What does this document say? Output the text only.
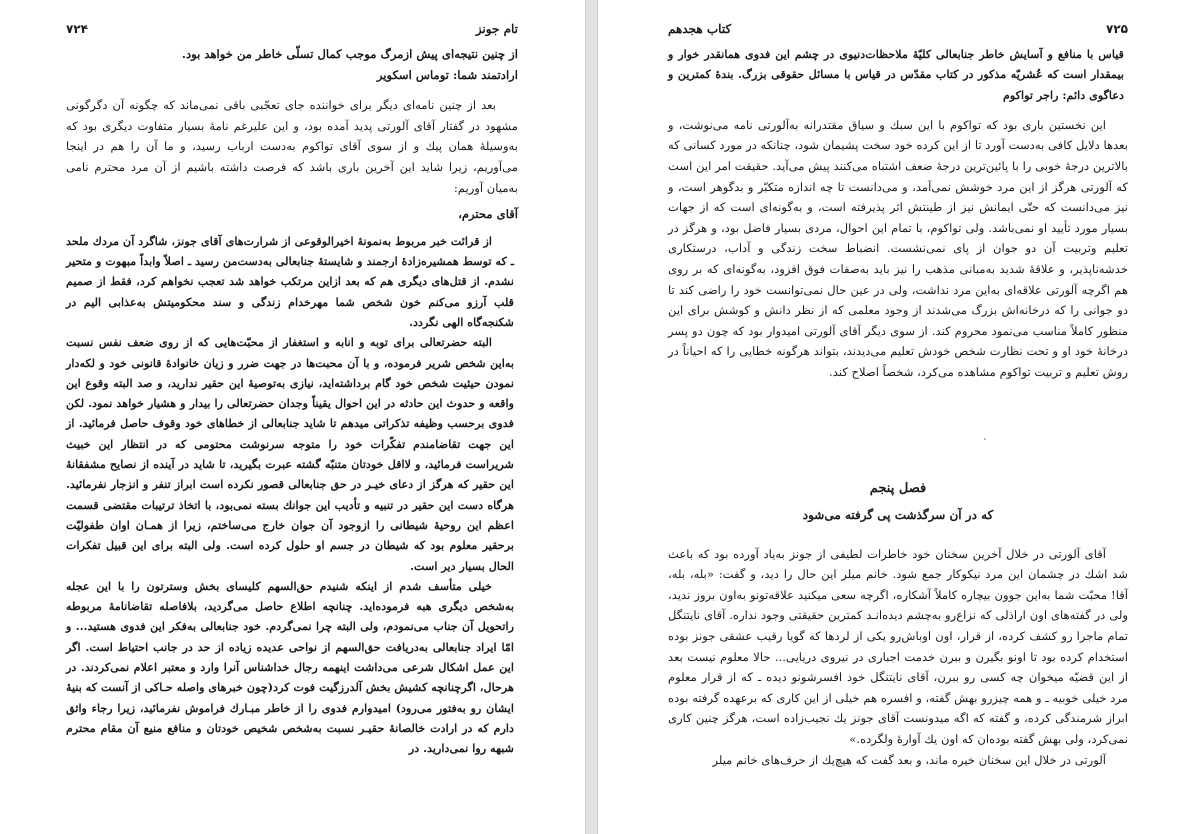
۷۲۴	تام جونز

از چنین نتیجه‌ای پیش ازمرگ موجب کمال تسلّی خاطر من خواهد بود.

ارادتمند شما: توماس اسکویر

بعد از چنین نامه‌ای دیگر برای خواننده جای تعجّبی باقی نمی‌ماند که چگونه آن دگرگونی مشهود در گفتار آقای آلورتی پدید آمده بود، و این علیرغم نامهٔ بسیار متفاوت دیگری بود که به‌وسیلهٔ همان پیك و از سوی آقای تواکوم به‌دست ارباب رسید، و ما آن را هم در اینجا می‌آوریم، زیرا شاید این آخرین باری باشد که فرصت داشته باشیم از آن مرد محترم نامی به‌میان آوریم:

آقای محترم،

از قرائت خبر مربوط به‌نمونهٔ اخیرالوقوعی از شرارت‌های آقای جونز، شاگرد آن مردك ملحد ـ که توسط همشیره‌زادهٔ ارجمند و شایستهٔ جنابعالی به‌دست‌من رسید ـ اصلاً وابداً مبهوت و متحیر نشدم. از قتل‌های دیگری هم که بعد ازاین مرتکب خواهد شد تعجب نخواهم کرد، فقط از صمیم قلب آرزو می‌کنم خون شخص شما مهرخدام زندگی و سند محکومیتش به‌عذابی الیم در شکنجه‌گاه الهی نگردد.

البته حضرتعالی برای توبه و انابه و استغفار از محبّت‌هایی که از روی ضعف نفس نسبت به‌این شخص شریر فرموده، و با آن محبت‌ها در جهت ضرر و زیان خانوادهٔ قانونی خود و لکه‌دار نمودن حیثیت شخص خود گام برداشته‌اید، نیازی به‌توصیهٔ این حقیر ندارید، و صد البته وقوع این واقعه و حدوث این حادثه در این احوال یقیناً وجدان حضرتعالی را بیدار و هشیار خواهد نمود. لکن فدوی برحسب وظیفه تذکراتی میدهم تا شاید جنابعالی از خطاهای خود وقوف حاصل فرمائید. از این جهت تقاضامندم تفکّرات خود را متوجه سرنوشت محتومی که در انتظار این خبیث شریراست فرمائید، و لااقل خودتان متنبّه گشته عبرت بگیرید، تا شاید در آینده از نصایح مشفقانهٔ این حقیر که هرگز از دعای خیـر در حق جنابعالی قصور نکرده است ابراز تنفر و انزجار نفرمائید. هرگاه دست این حقیر در تنبیه و تأدیب این جوانك بسته نمی‌بود، با اتخاذ ترتیبات مقتضی قسمت اعظم این روحیهٔ شیطانی را ازوجود آن جوان خارج می‌ساختم، زیرا از همـان اوان طفولیّت برحقیر معلوم بود که شیطان در جسم او حلول کرده است. ولی البته برای این قبیل تفکرات الحال بسیار دیر است.

خیلی متأسف شدم از اینکه شنیدم حق‌السهم کلیسای بخش وسترتون را با این عجله به‌شخص دیگری هبه فرموده‌اید. چنانچه اطلاع حاصل می‌گردید، بلافاصله تقاضانامهٔ مربوطه راتحویل آن جناب می‌نمودم، ولی البته چرا نمی‌گردم. خود جنابعالی به‌فکر این فدوی هستید... و امّا ایراد جنابعالی به‌دریافت حق‌السهم از نواحی عدیده زیاده از حد در جانب احتیاط است. اگر این عمل اشکال شرعی می‌داشت اینهمه رجال خداشناس آنرا وارد و معتبر اعلام نمی‌کردند. در هرحال، اگرچنانچه کشیش بخش آلدرزگیت فوت کرد(چون خبرهای واصله حـاکی از آنست که بنیهٔ ایشان رو به‌فتور می‌رود) امیدوارم فدوی را از خاطر مبـارك فراموش نفرمائید، زیرا رجاء واثق دارم که در ارادت خالصانهٔ حقیـر نسبت به‌شخص شخیص خودتان و منافع منیع آن مقام محترم شبهه روا نمی‌دارید. در

کتاب هجدهم	۷۲۵

قیاس با منافع و آسایش خاطر جنابعالی کلیّهٔ ملاحظات‌دنیوی در چشم این فدوی همانقدر خوار و بیمقدار است که عُشریّه مذکور در کتاب مقدّس در قیاس با مسائل حقوقی بزرگ. بندهٔ کمترین و دعاگوی دائم: راجر تواکوم

این نخستین باری بود که تواکوم با این سبك و سیاق مقتدرانه به‌آلورتی نامه می‌نوشت، و بعدها دلایل کافی به‌دست آورد تا از این کرده خود سخت پشیمان شود، چنانکه در مورد کسانی که بالاترین درجهٔ خوبی را با پائین‌ترین درجهٔ ضعف اشتباه می‌کنند پیش می‌آید. حقیقت امر این است که آلورتی هرگز از این مرد خوشش نمی‌آمد، و می‌دانست تا چه اندازه متکبّر و بدگوهر است، و نیز می‌دانست که حتّی ایمانش نیز از طینتش اثر پذیرفته است، و به‌گونه‌ای است که از جهات بسیار مورد تأیید او نمی‌باشد. ولی تواکوم، با تمام این احوال، مردی بسیار فاضل بود، و هرگز در تعلیم وتربیت آن دو جوان از پای نمی‌نشست. انضباط سخت زندگی و آداب، درستکاری خدشه‌ناپذیر، و علاقهٔ شدید به‌مبانی مذهب را نیز باید به‌صفات فوق افزود، به‌گونه‌ای که بر روی هم اگرچه آلورتی علاقه‌ای به‌این مرد نداشت، ولی در عین حال نمی‌توانست خود را راضی کند تا دو جوانی را که درخانه‌اش بزرگ می‌شدند از وجود معلمی که از نظر دانش و کوشش برای این منظور کاملاً مناسب می‌نمود محروم کند. از سوی دیگر آقای آلورتی امیدوار بود که چون دو پسر درخانهٔ خود او و تحت نظارت شخص خودش تعلیم می‌دیدند، بتواند هرگونه خطایی را که احیاناً در روش تعلیم و تربیت تواکوم مشاهده می‌کرد، شخصاً اصلاح کند.

فصل پنجم
که در آن سرگذشت پی گرفته می‌شود

آقای آلورتی در خلال آخرین سخنان خود خاطرات لطیفی از جونز به‌یاد آورده بود که باعث شد اشك در چشمان این مرد نیکوکار جمع شود. خانم میلر این حال را دید، و گفت: «بله، بله، آقا! محبّت شما به‌این جوون بیچاره کاملاً آشکاره، اگرچه سعی میکنید علاقه‌تونو به‌اون بروز ندید، ولی در گفته‌های اون اراذلی که نزاع‌رو به‌چشم دیده‌انـد کمترین حقیقتی وجود نداره. آقای نایتنگل تمام ماجرا رو کشف کرده، از قرار، اون اوباش‌رو یکی از لردها که گویا رقیب عشقی جونز بوده استخدام کرده بود تا اونو بگیرن و ببرن خدمت اجباری در نیروی دریایی... حالا معلوم نیست بعد از این قضیّه میخوان چه کسی رو ببرن، آقای نایتنگل خود افسرشونو دیده ـ که از قرار معلوم مرد خیلی خوبیه ـ و همه چیزرو بهش گفته، و افسره هم خیلی از این کاری که برعهده گرفته بوده ابراز شرمندگی کرده، و گفته که اگه میدونست آقای جونز یك نجیب‌زاده است، هرگز چنین کاری نمی‌کرد، ولی بهش گفته بوده‌ان که اون یك آوارهٔ ولگرده.»

آلورتی در خلال این سخنان خیره ماند، و بعد گفت که هیچ‌یك از حرف‌های خانم میلر
